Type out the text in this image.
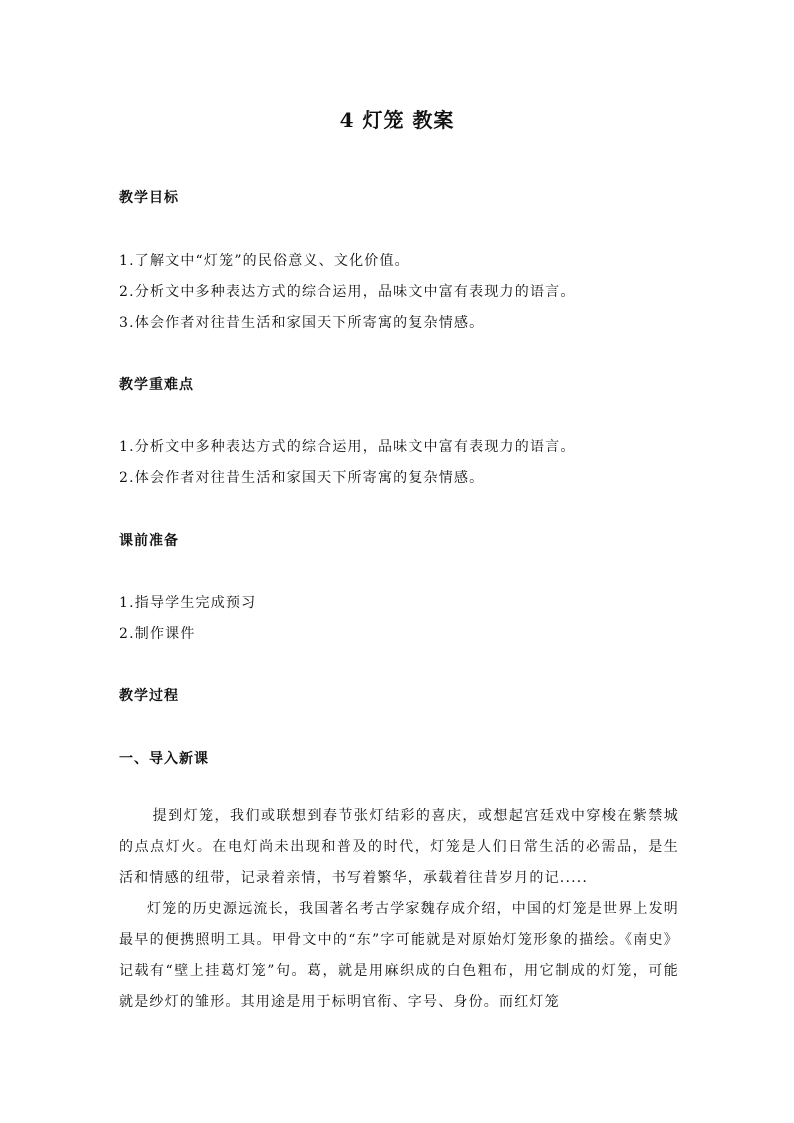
4 灯笼 教案
教学目标
1.了解文中“灯笼”的民俗意义、文化价值。
2.分析文中多种表达方式的综合运用，品味文中富有表现力的语言。
3.体会作者对往昔生活和家国天下所寄寓的复杂情感。
教学重难点
1.分析文中多种表达方式的综合运用，品味文中富有表现力的语言。
2.体会作者对往昔生活和家国天下所寄寓的复杂情感。
课前准备
1.指导学生完成预习
2.制作课件
教学过程
一、导入新课

提到灯笼，我们或联想到春节张灯结彩的喜庆，或想起宫廷戏中穿梭在紫禁城的点点灯火。在电灯尚未出现和普及的时代，灯笼是人们日常生活的必需品，是生活和情感的纽带，记录着亲情，书写着繁华，承载着往昔岁月的记.....

灯笼的历史源远流长，我国著名考古学家魏存成介绍，中国的灯笼是世界上发明最早的便携照明工具。甲骨文中的“东”字可能就是对原始灯笼形象的描绘。《南史》 记载有“壁上挂葛灯笼”句。葛，就是用麻织成的白色粗布，用它制成的灯笼，可能就是纱灯的雏形。其用途是用于标明官衔、字号、身份。而红灯笼
